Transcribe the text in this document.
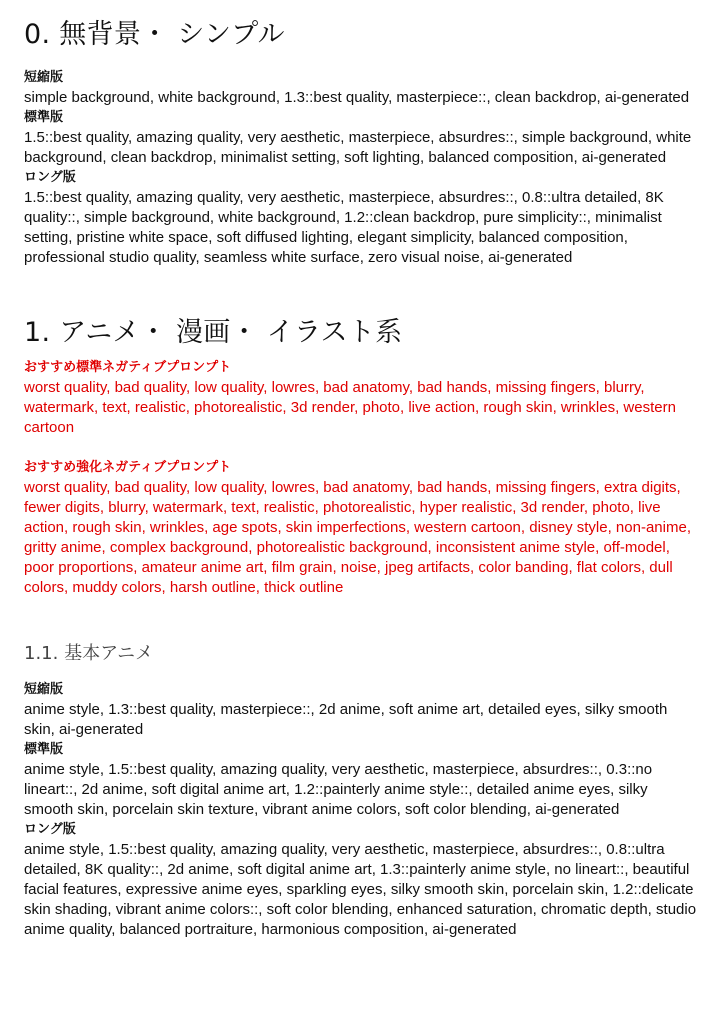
0. 無背景・ シンプル

短縮版

simple background, white background, 1.3::best quality, masterpiece::, clean backdrop, ai-generated

標準版

1.5::best quality, amazing quality, very aesthetic, masterpiece, absurdres::, simple background, white background, clean backdrop, minimalist setting, soft lighting, balanced composition, ai-generated

ロング版

1.5::best quality, amazing quality, very aesthetic, masterpiece, absurdres::, 0.8::ultra detailed, 8K quality::, simple background, white background, 1.2::clean backdrop, pure simplicity::, minimalist setting, pristine white space, soft diffused lighting, elegant simplicity, balanced composition, professional studio quality, seamless white surface, zero visual noise, ai-generated

1. アニメ・ 漫画・ イラスト系

おすすめ標準ネガティブプロンプト

worst quality, bad quality, low quality, lowres, bad anatomy, bad hands, missing fingers, blurry, watermark, text, realistic, photorealistic, 3d render, photo, live action, rough skin, wrinkles, western cartoon

おすすめ強化ネガティブプロンプト

worst quality, bad quality, low quality, lowres, bad anatomy, bad hands, missing fingers, extra digits, fewer digits, blurry, watermark, text, realistic, photorealistic, hyper realistic, 3d render, photo, live action, rough skin, wrinkles, age spots, skin imperfections, western cartoon, disney style, non-anime, gritty anime, complex background, photorealistic background, inconsistent anime style, off-model, poor proportions, amateur anime art, film grain, noise, jpeg artifacts, color banding, flat colors, dull colors, muddy colors, harsh outline, thick outline

1.1. 基本アニメ

短縮版

anime style, 1.3::best quality, masterpiece::, 2d anime, soft anime art, detailed eyes, silky smooth skin, ai-generated

標準版

anime style, 1.5::best quality, amazing quality, very aesthetic, masterpiece, absurdres::, 0.3::no lineart::, 2d anime, soft digital anime art, 1.2::painterly anime style::, detailed anime eyes, silky smooth skin, porcelain skin texture, vibrant anime colors, soft color blending, ai-generated

ロング版

anime style, 1.5::best quality, amazing quality, very aesthetic, masterpiece, absurdres::, 0.8::ultra detailed, 8K quality::, 2d anime, soft digital anime art, 1.3::painterly anime style, no lineart::, beautiful facial features, expressive anime eyes, sparkling eyes, silky smooth skin, porcelain skin, 1.2::delicate skin shading, vibrant anime colors::, soft color blending, enhanced saturation, chromatic depth, studio anime quality, balanced portraiture, harmonious composition, ai-generated
